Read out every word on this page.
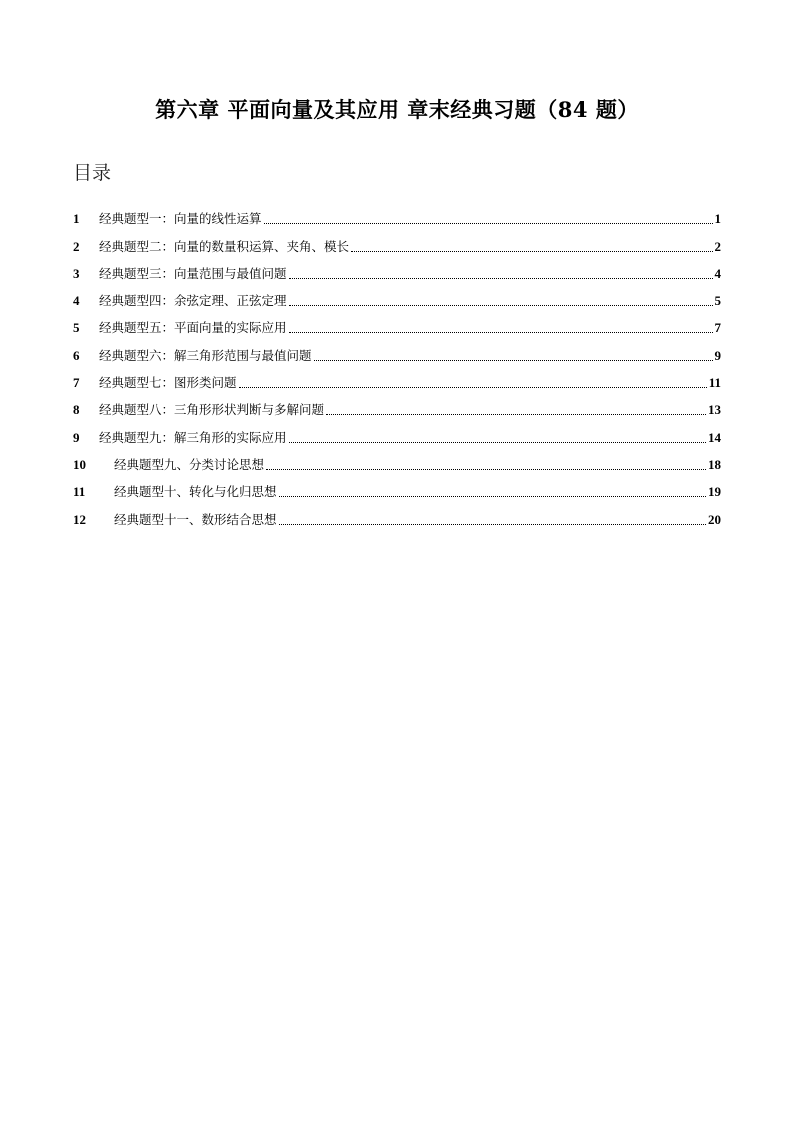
第六章 平面向量及其应用 章末经典习题（84 题）
目录
1	经典题型一：向量的线性运算	1
2	经典题型二：向量的数量积运算、夹角、模长	2
3	经典题型三：向量范围与最值问题	4
4	经典题型四：余弦定理、正弦定理	5
5	经典题型五：平面向量的实际应用	7
6	经典题型六：解三角形范围与最值问题	9
7	经典题型七：图形类问题	11
8	经典题型八：三角形形状判断与多解问题	13
9	经典题型九：解三角形的实际应用	14
10	经典题型九、分类讨论思想	18
11	经典题型十、转化与化归思想	19
12	经典题型十一、数形结合思想	20
